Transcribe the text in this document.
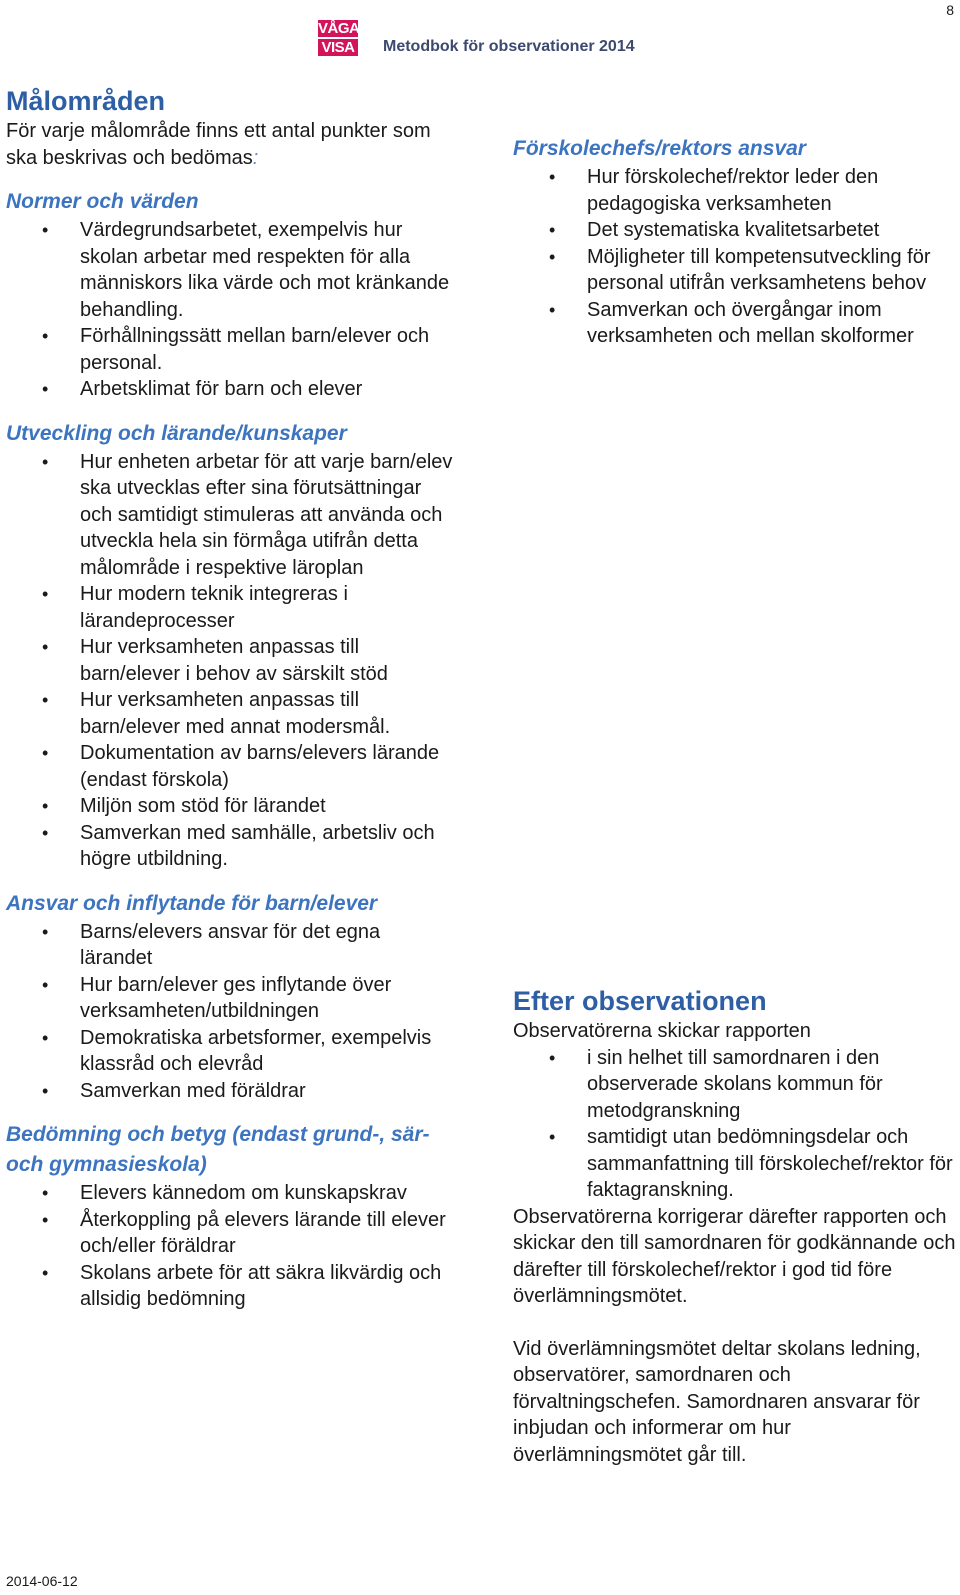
8
VÅGA
VISA Metodbok för observationer 2014
Målområden

För varje målområde finns ett antal punkter som ska beskrivas och bedömas:

Normer och värden
• Värdegrundsarbetet, exempelvis hur skolan arbetar med respekten för alla människors lika värde och mot kränkande behandling.
• Förhållningssätt mellan barn/elever och personal.
• Arbetsklimat för barn och elever
Utveckling och lärande/kunskaper
• Hur enheten arbetar för att varje barn/elev ska utvecklas efter sina förutsättningar och samtidigt stimuleras att använda och utveckla hela sin förmåga utifrån detta målområde i respektive läroplan
• Hur modern teknik integreras i lärandeprocesser
• Hur verksamheten anpassas till barn/elever i behov av särskilt stöd
• Hur verksamheten anpassas till barn/elever med annat modersmål.
• Dokumentation av barns/elevers lärande (endast förskola)
• Miljön som stöd för lärandet
• Samverkan med samhälle, arbetsliv och högre utbildning.
Ansvar och inflytande för barn/elever
• Barns/elevers ansvar för det egna lärandet
• Hur barn/elever ges inflytande över verksamheten/utbildningen
• Demokratiska arbetsformer, exempelvis klassråd och elevråd
• Samverkan med föräldrar
Bedömning och betyg (endast grund-, sär- och gymnasieskola)
• Elevers kännedom om kunskapskrav
• Återkoppling på elevers lärande till elever och/eller föräldrar
• Skolans arbete för att säkra likvärdig och allsidig bedömning
Förskolechefs/rektors ansvar
• Hur förskolechef/rektor leder den pedagogiska verksamheten
• Det systematiska kvalitetsarbetet
• Möjligheter till kompetensutveckling för personal utifrån verksamhetens behov
• Samverkan och övergångar inom verksamheten och mellan skolformer
Efter observationen

Observatörerna skickar rapporten

• i sin helhet till samordnaren i den observerade skolans kommun för metodgranskning
• samtidigt utan bedömningsdelar och sammanfattning till förskolechef/rektor för faktagranskning.

Observatörerna korrigerar därefter rapporten och skickar den till samordnaren för godkännande och därefter till förskolechef/rektor i god tid före överlämningsmötet.

Vid överlämningsmötet deltar skolans ledning, observatörer, samordnaren och förvaltningschefen. Samordnaren ansvarar för inbjudan och informerar om hur överlämningsmötet går till.

2014-06-12
